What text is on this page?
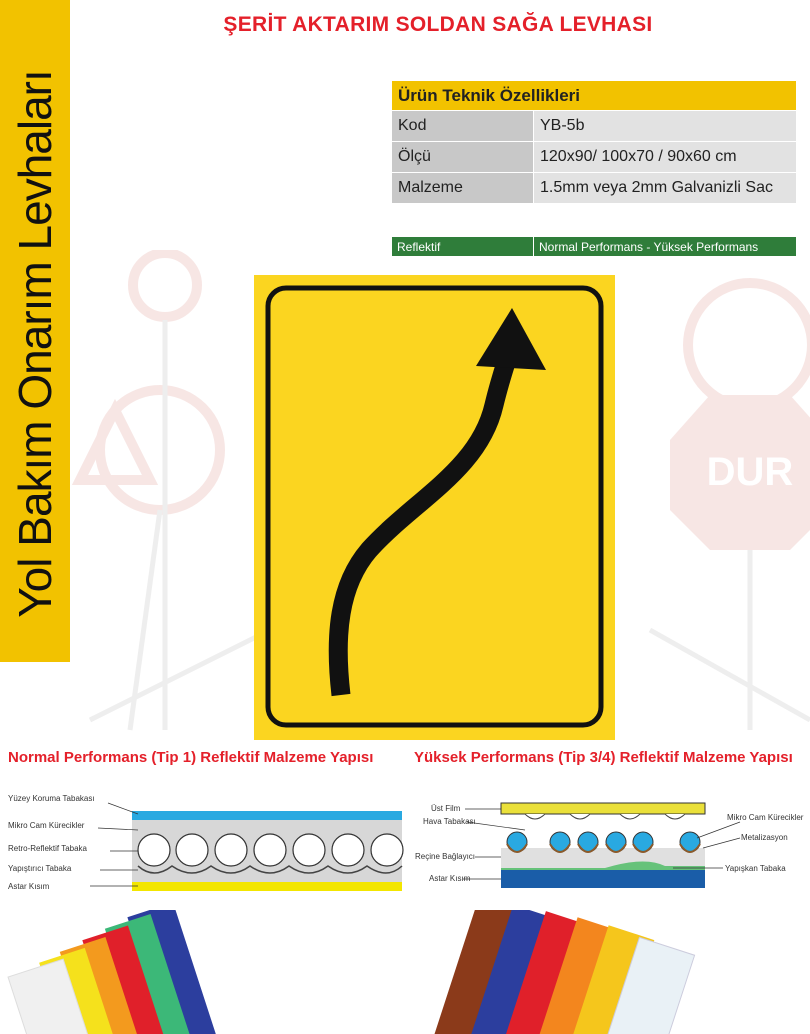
Yol Bakım Onarım Levhaları
ŞERİT AKTARIM SOLDAN SAĞA LEVHASI
Ürün Teknik Özellikleri	
Kod	YB-5b
Ölçü	120x90/ 100x70 / 90x60 cm
Malzeme	1.5mm veya 2mm Galvanizli Sac
Reflektif	Normal Performans - Yüksek Performans
DUR
Normal Performans (Tip 1) Reflektif Malzeme Yapısı	Yüksek Performans (Tip 3/4) Reflektif Malzeme Yapısı
Yüzey Koruma Tabakası
Mikro Cam Kürecikler
Retro-Reflektif Tabaka
Yapıştırıcı Tabaka
Astar Kısım
Üst Film
Hava Tabakası
Reçine Bağlayıcı
Astar Kısım
Mikro Cam Kürecikler
Metalizasyon
Yapışkan Tabaka
